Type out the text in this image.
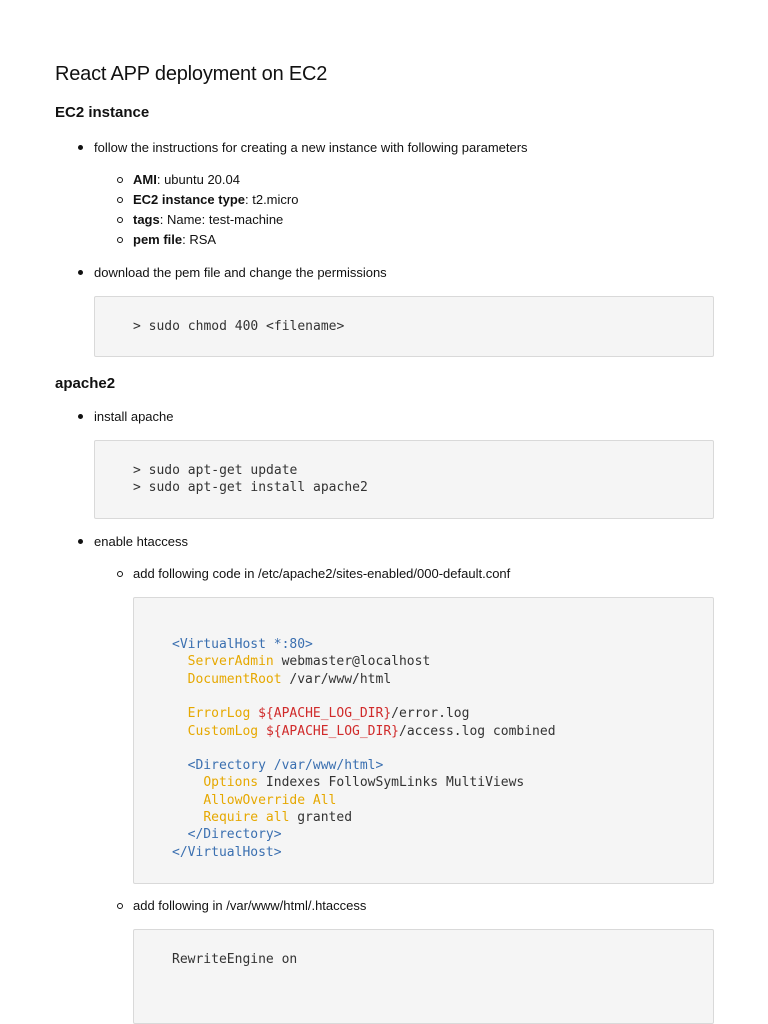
React APP deployment on EC2
EC2 instance
follow the instructions for creating a new instance with following parameters
AMI: ubuntu 20.04
EC2 instance type: t2.micro
tags: Name: test-machine
pem file: RSA
download the pem file and change the permissions
> sudo chmod 400 <filename>
apache2
install apache
> sudo apt-get update
> sudo apt-get install apache2
enable htaccess
add following code in /etc/apache2/sites-enabled/000-default.conf
<VirtualHost *:80>
ServerAdmin webmaster@localhost
DocumentRoot /var/www/html
ErrorLog ${APACHE_LOG_DIR}/error.log
CustomLog ${APACHE_LOG_DIR}/access.log combined
<Directory /var/www/html>
Options Indexes FollowSymLinks MultiViews
AllowOverride All
Require all granted
</Directory>
</VirtualHost>
add following in /var/www/html/.htaccess
RewriteEngine on
